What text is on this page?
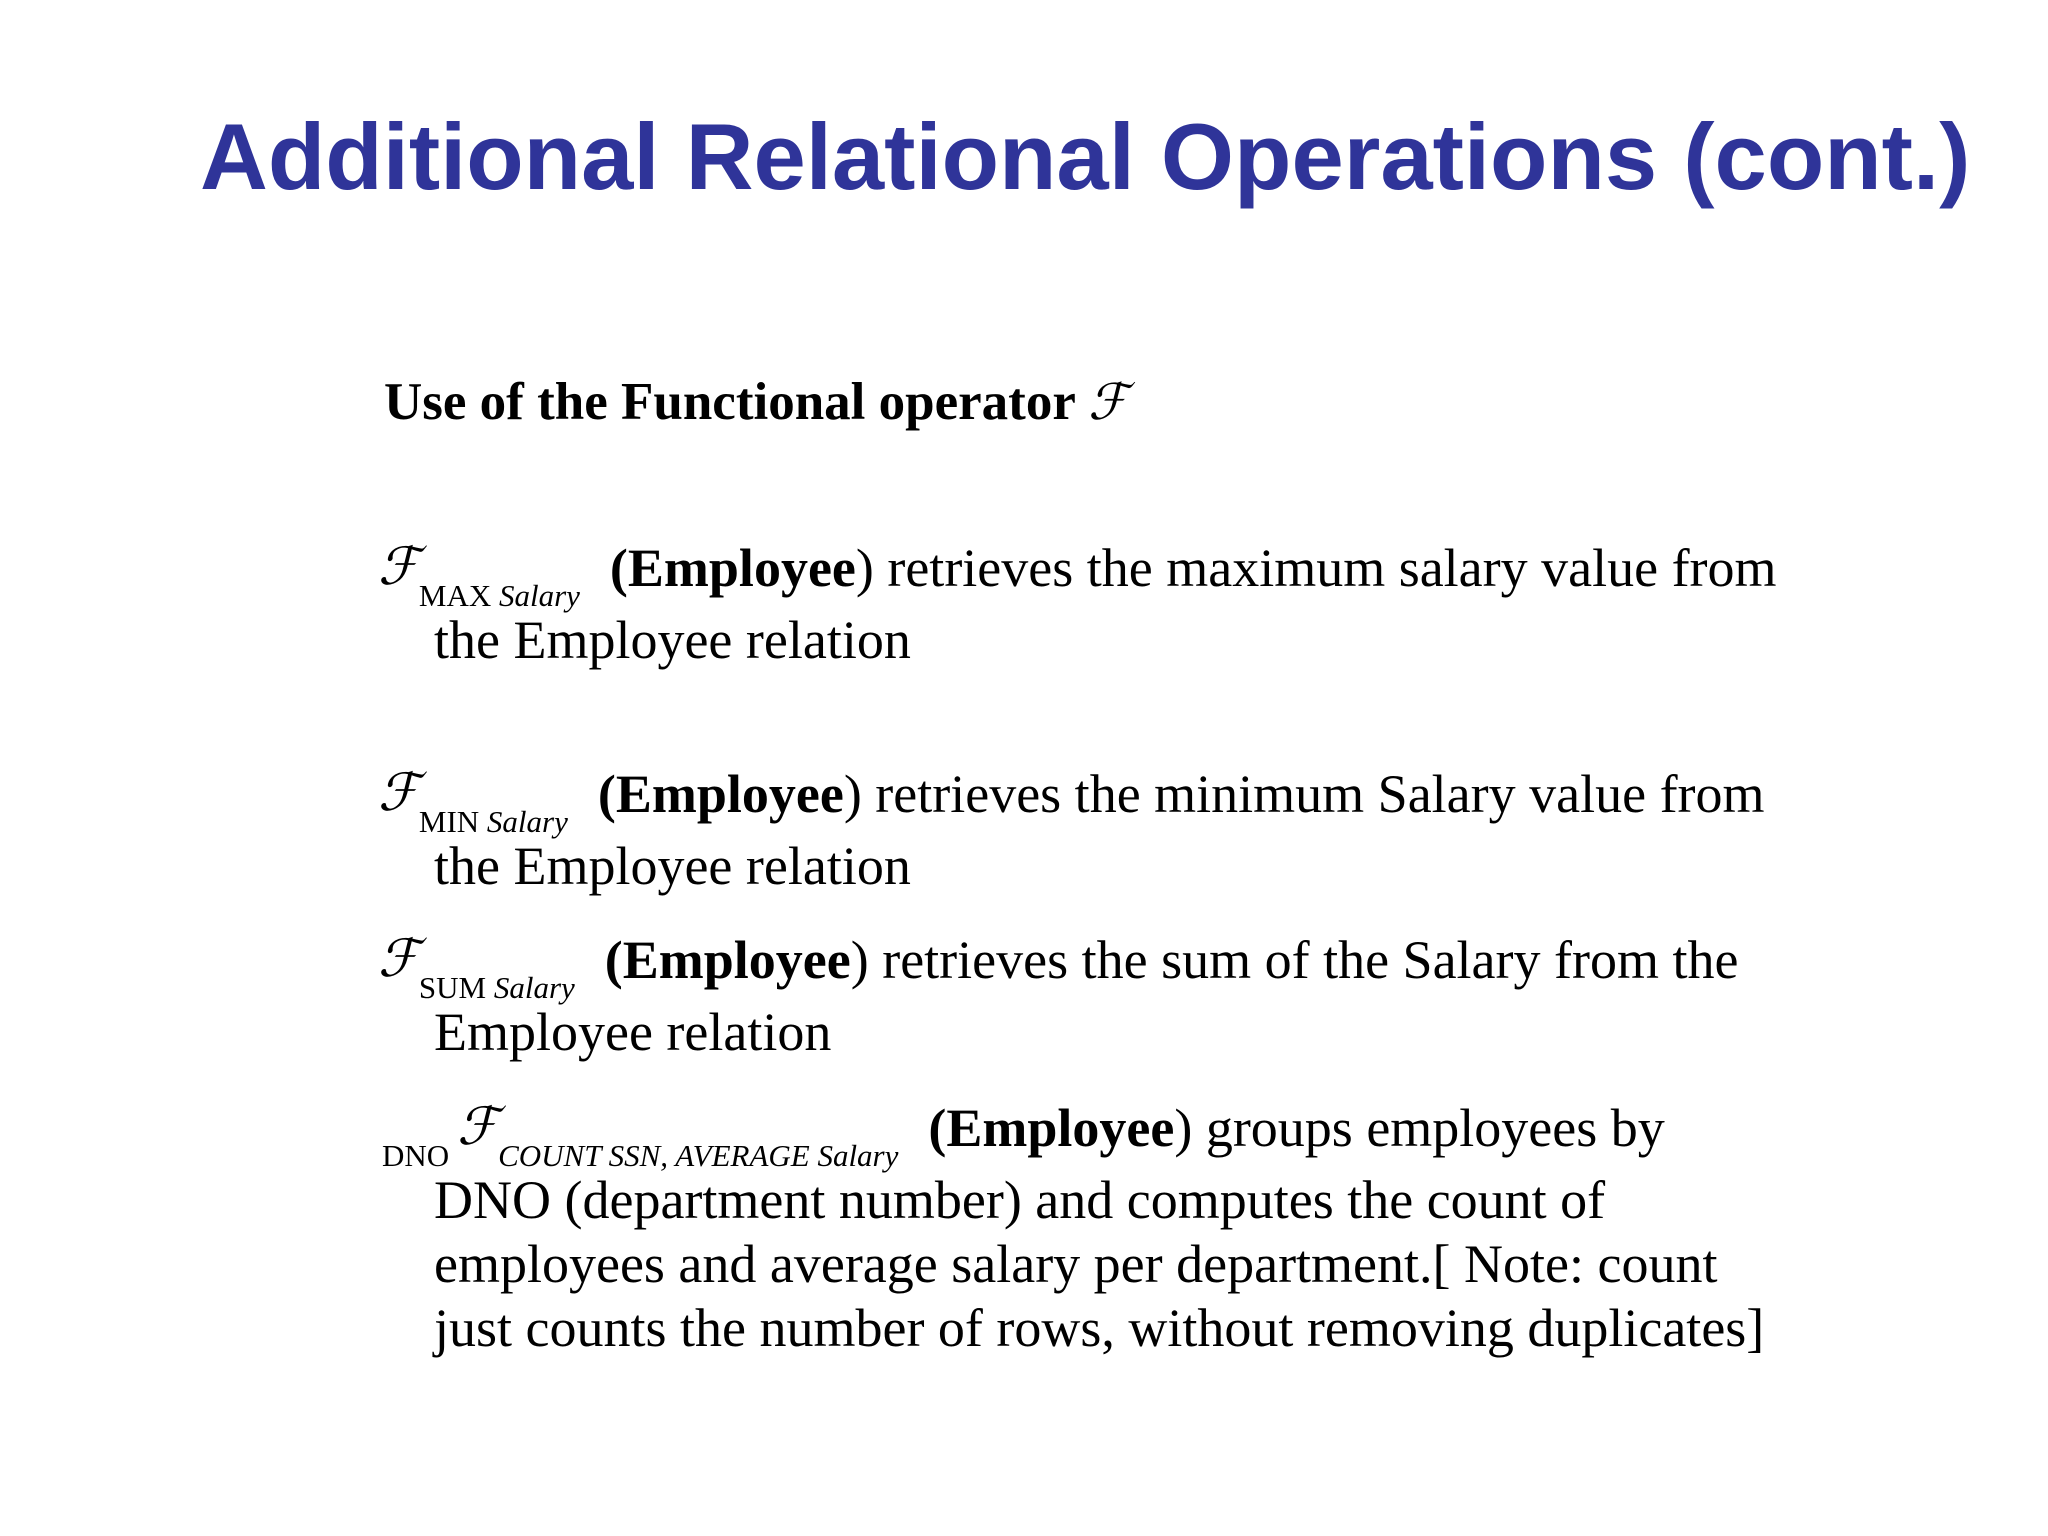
Additional Relational Operations (cont.)
Use of the Functional operator ℱ
ℱ$_{MAX Salary}$ (Employee) retrieves the maximum salary value from
the Employee relation
ℱ$_{MIN Salary}$ (Employee) retrieves the minimum Salary value from
the Employee relation
ℱ$_{SUM Salary}$ (Employee) retrieves the sum of the Salary from the
Employee relation
$_{DNO}$ ℱ$_{COUNT SSN, AVERAGE Salary}$ (Employee) groups employees by
DNO (department number) and computes the count of
employees and average salary per department.[ Note: count
just counts the number of rows, without removing duplicates]
